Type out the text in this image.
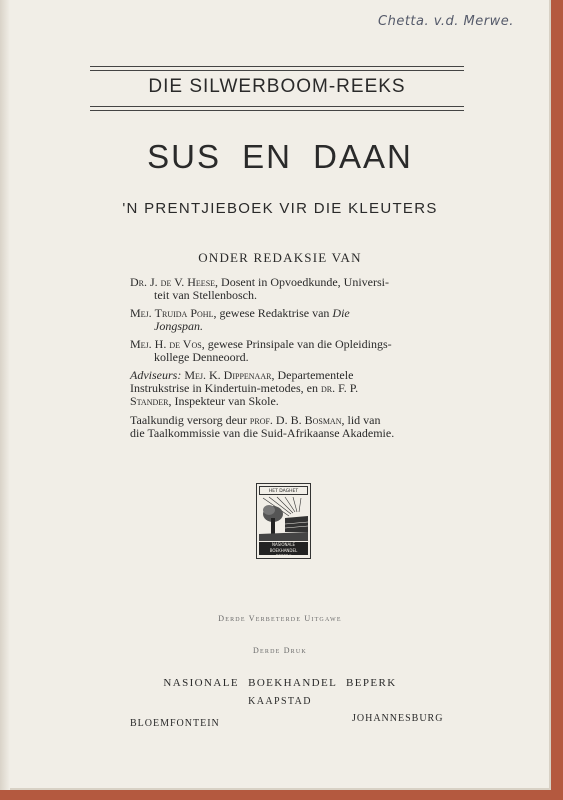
Chetta. v.d. Merwe.
DIE SILWERBOOM-REEKS
SUS EN DAAN
'N PRENTJIEBOEK VIR DIE KLEUTERS
ONDER REDAKSIE VAN
Dr. J. de V. Heese, Dosent in Opvoedkunde, Universi-
teit van Stellenbosch.
Mej. Truida Pohl, gewese Redaktrise van Die
Jongspan.
Mej. H. de Vos, gewese Prinsipale van die Opleidings-
kollege Denneoord.
Adviseurs: Mej. K. Dippenaar, Departementele
Instrukstrise in Kindertuin-metodes, en dr. F. P.
Stander, Inspekteur van Skole.
Taalkundig versorg deur prof. D. B. Bosman, lid van
die Taalkommissie van die Suid-Afrikaanse Akademie.
HET DAGHET
NASIONALE BOEKHANDEL
BEPERK
Derde Verbeterde Uitgawe
Derde Druk
NASIONALE BOEKHANDEL BEPERK
KAAPSTAD
BLOEMFONTEIN	JOHANNESBURG
